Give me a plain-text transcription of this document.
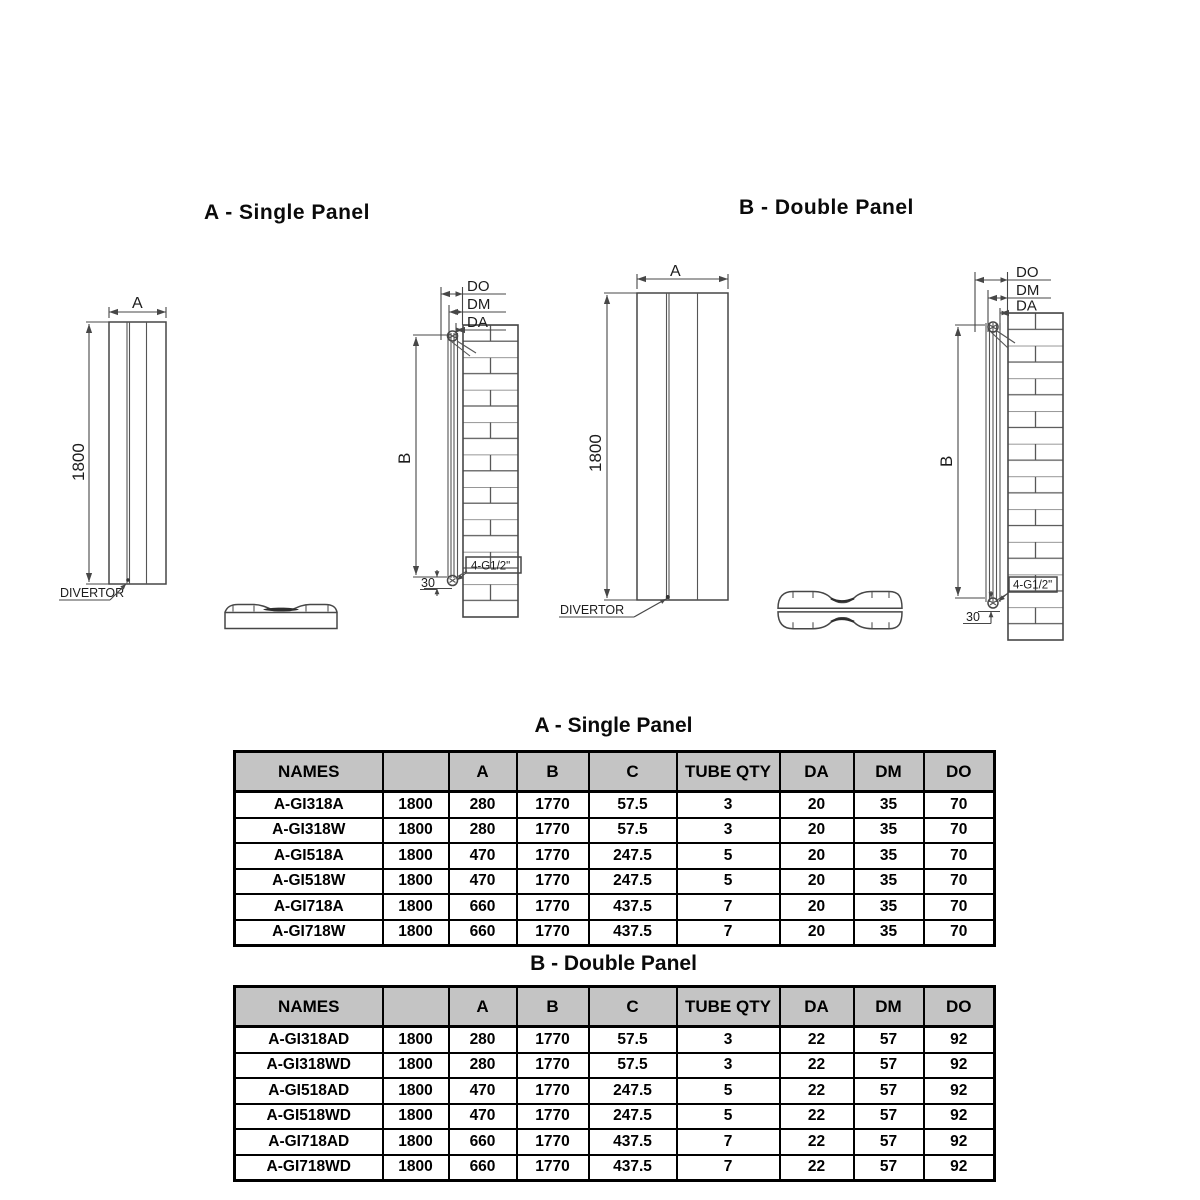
A
1800
DIVERTOR
DO
DM
DA
B
30
4-G1/2"
A
1800
DIVERTOR
DO
DM
DA
B
30
4-G1/2"
A - Single Panel	B - Double Panel
A - Single Panel
NAMES		A	B	C	TUBE QTY	DA	DM	DO
A-GI318A	1800	280	1770	57.5	3	20	35	70
A-GI318W	1800	280	1770	57.5	3	20	35	70
A-GI518A	1800	470	1770	247.5	5	20	35	70
A-GI518W	1800	470	1770	247.5	5	20	35	70
A-GI718A	1800	660	1770	437.5	7	20	35	70
A-GI718W	1800	660	1770	437.5	7	20	35	70
B - Double Panel
NAMES		A	B	C	TUBE QTY	DA	DM	DO
A-GI318AD	1800	280	1770	57.5	3	22	57	92
A-GI318WD	1800	280	1770	57.5	3	22	57	92
A-GI518AD	1800	470	1770	247.5	5	22	57	92
A-GI518WD	1800	470	1770	247.5	5	22	57	92
A-GI718AD	1800	660	1770	437.5	7	22	57	92
A-GI718WD	1800	660	1770	437.5	7	22	57	92
